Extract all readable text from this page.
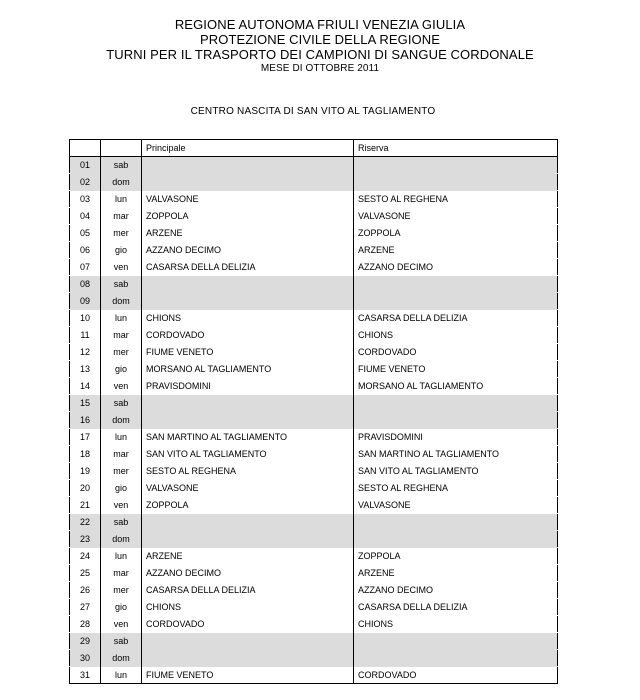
REGIONE AUTONOMA FRIULI VENEZIA GIULIA
PROTEZIONE CIVILE DELLA REGIONE
TURNI PER IL TRASPORTO DEI CAMPIONI DI SANGUE CORDONALE
MESE DI OTTOBRE 2011
CENTRO NASCITA DI SAN VITO AL TAGLIAMENTO
		Principale	Riserva
01	sab		
02	dom		
03	lun	VALVASONE	SESTO AL REGHENA
04	mar	ZOPPOLA	VALVASONE
05	mer	ARZENE	ZOPPOLA
06	gio	AZZANO DECIMO	ARZENE
07	ven	CASARSA DELLA DELIZIA	AZZANO DECIMO
08	sab		
09	dom		
10	lun	CHIONS	CASARSA DELLA DELIZIA
11	mar	CORDOVADO	CHIONS
12	mer	FIUME VENETO	CORDOVADO
13	gio	MORSANO AL TAGLIAMENTO	FIUME VENETO
14	ven	PRAVISDOMINI	MORSANO AL TAGLIAMENTO
15	sab		
16	dom		
17	lun	SAN MARTINO AL TAGLIAMENTO	PRAVISDOMINI
18	mar	SAN VITO AL TAGLIAMENTO	SAN MARTINO AL TAGLIAMENTO
19	mer	SESTO AL REGHENA	SAN VITO AL TAGLIAMENTO
20	gio	VALVASONE	SESTO AL REGHENA
21	ven	ZOPPOLA	VALVASONE
22	sab		
23	dom		
24	lun	ARZENE	ZOPPOLA
25	mar	AZZANO DECIMO	ARZENE
26	mer	CASARSA DELLA DELIZIA	AZZANO DECIMO
27	gio	CHIONS	CASARSA DELLA DELIZIA
28	ven	CORDOVADO	CHIONS
29	sab		
30	dom		
31	lun	FIUME VENETO	CORDOVADO
